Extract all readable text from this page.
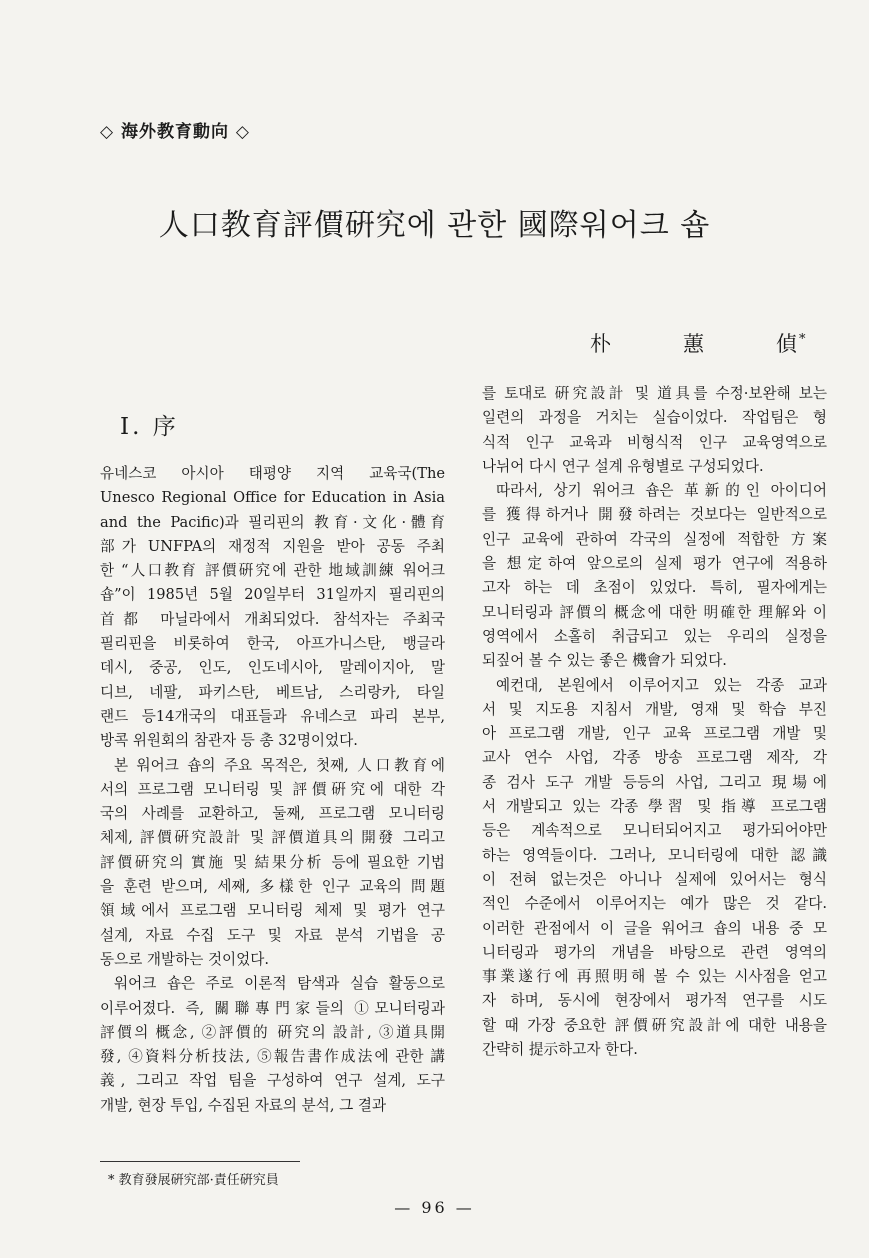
◇ 海外教育動向 ◇
人口教育評價硏究에 관한 國際워어크 숍
朴	蕙	偵*
Ⅰ. 序
유네스코 아시아 태평양 지역 교육국(The
Unesco Regional Office for Education in Asia
and the Pacific)과 필리핀의 教育·文化·體育
部가 UNFPA의 재정적 지원을 받아 공동 주최
한 “人口教育 評價硏究에 관한 地域訓練 워어크
숍”이 1985년 5월 20일부터 31일까지 필리핀의
首都 마닐라에서 개최되었다. 참석자는 주최국
필리핀을 비롯하여 한국, 아프가니스탄, 뱅글라
데시, 중공, 인도, 인도네시아, 말레이지아, 말
디브, 네팔, 파키스탄, 베트남, 스리랑카, 타일
랜드 등14개국의 대표들과 유네스코 파리 본부,
방콕 위원회의 참관자 등 총 32명이었다.
본 워어크 숍의 주요 목적은, 첫째, 人口教育에
서의 프로그램 모니터링 및 評價硏究에 대한 각
국의 사례를 교환하고, 둘째, 프로그램 모니터링
체제, 評價硏究設計 및 評價道具의 開發 그리고
評價硏究의 實施 및 結果分析 등에 필요한 기법
을 훈련 받으며, 세째, 多樣한 인구 교육의 問題
領域에서 프로그램 모니터링 체제 및 평가 연구
설계, 자료 수집 도구 및 자료 분석 기법을 공
동으로 개발하는 것이었다.
워어크 숍은 주로 이론적 탐색과 실습 활동으로
이루어졌다. 즉, 關聯專門家들의 ①모니터링과
評價의 概念, ②評價的 硏究의 設計, ③道具開
發, ④資料分析技法, ⑤報告書作成法에 관한 講
義, 그리고 작업 팀을 구성하여 연구 설계, 도구
개발, 현장 투입, 수집된 자료의 분석, 그 결과
를 토대로 硏究設計 및 道具를 수정·보완해 보는
일련의 과정을 거치는 실습이었다. 작업팀은 형
식적 인구 교육과 비형식적 인구 교육영역으로
나뉘어 다시 연구 설계 유형별로 구성되었다.
따라서, 상기 워어크 숍은 革新的인 아이디어
를 獲得하거나 開發하려는 것보다는 일반적으로
인구 교육에 관하여 각국의 실정에 적합한 方案
을 想定하여 앞으로의 실제 평가 연구에 적용하
고자 하는 데 초점이 있었다. 특히, 필자에게는
모니터링과 評價의 概念에 대한 明確한 理解와 이
영역에서 소홀히 취급되고 있는 우리의 실정을
되짚어 볼 수 있는 좋은 機會가 되었다.
예컨대, 본원에서 이루어지고 있는 각종 교과
서 및 지도용 지침서 개발, 영재 및 학습 부진
아 프로그램 개발, 인구 교육 프로그램 개발 및
교사 연수 사업, 각종 방송 프로그램 제작, 각
종 검사 도구 개발 등등의 사업, 그리고 現場에
서 개발되고 있는 각종 學習 및 指導 프로그램
등은 계속적으로 모니터되어지고 평가되어야만
하는 영역들이다. 그러나, 모니터링에 대한 認識
이 전혀 없는것은 아니나 실제에 있어서는 형식
적인 수준에서 이루어지는 예가 많은 것 같다.
이러한 관점에서 이 글을 워어크 숍의 내용 중 모
니터링과 평가의 개념을 바탕으로 관련 영역의
事業遂行에 再照明해 볼 수 있는 시사점을 얻고
자 하며, 동시에 현장에서 평가적 연구를 시도
할 때 가장 중요한 評價硏究設計에 대한 내용을
간략히 提示하고자 한다.
* 教育發展硏究部·責任硏究員
— 96 —
